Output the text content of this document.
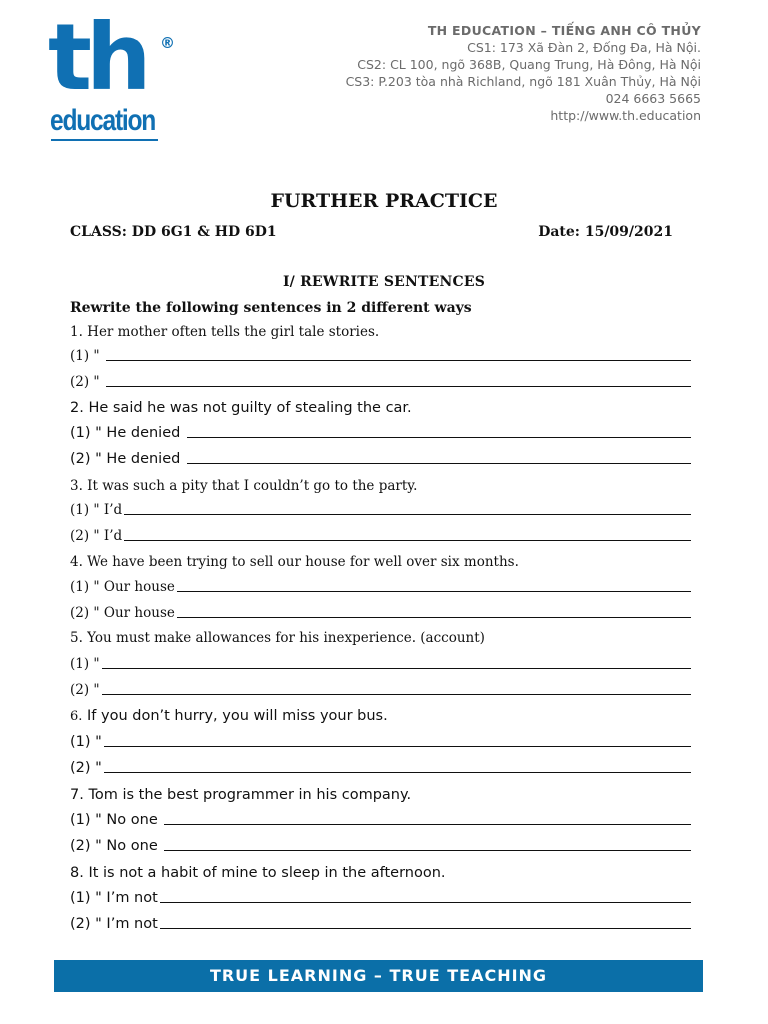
th ®
education
TH EDUCATION – TIẾNG ANH CÔ THỦY
CS1: 173 Xã Đàn 2, Đống Đa, Hà Nội.
CS2: CL 100, ngõ 368B, Quang Trung, Hà Đông, Hà Nội
CS3: P.203 tòa nhà Richland, ngõ 181 Xuân Thủy, Hà Nội
024 6663 5665
http://www.th.education
FURTHER PRACTICE
CLASS: DD 6G1 & HD 6D1	Date: 15/09/2021
I/ REWRITE SENTENCES
Rewrite the following sentences in 2 different ways
1. Her mother often tells the girl tale stories.
(1) "
(2) "
2. He said he was not guilty of stealing the car.
(1) " He denied
(2) " He denied
3. It was such a pity that I couldn’t go to the party.
(1) " I’d
(2) " I’d
4. We have been trying to sell our house for well over six months.
(1) " Our house
(2) " Our house
5. You must make allowances for his inexperience. (account)
(1) "
(2) "
6. If you don’t hurry, you will miss your bus.
(1) "
(2) "
7. Tom is the best programmer in his company.
(1) " No one
(2) " No one
8. It is not a habit of mine to sleep in the afternoon.
(1) " I’m not
(2) " I’m not
TRUE LEARNING – TRUE TEACHING
